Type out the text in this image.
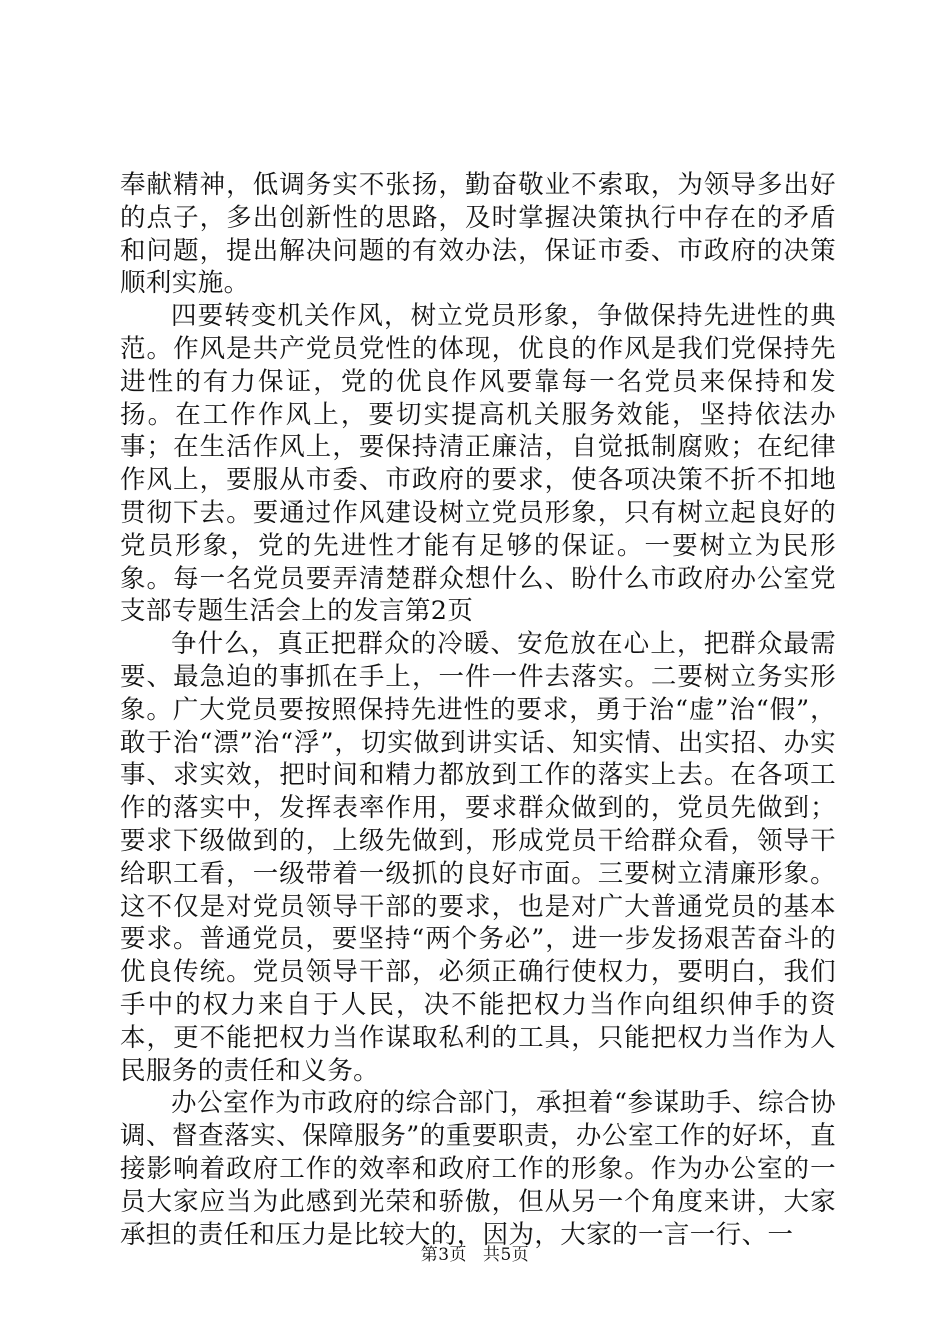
奉献精神，低调务实不张扬，勤奋敬业不索取，为领导多出好的点子，多出创新性的思路，及时掌握决策执行中存在的矛盾和问题，提出解决问题的有效办法，保证市委、市政府的决策顺利实施。

四要转变机关作风，树立党员形象，争做保持先进性的典范。作风是共产党员党性的体现，优良的作风是我们党保持先进性的有力保证，党的优良作风要靠每一名党员来保持和发扬。在工作作风上，要切实提高机关服务效能，坚持依法办事；在生活作风上，要保持清正廉洁，自觉抵制腐败；在纪律作风上，要服从市委、市政府的要求，使各项决策不折不扣地贯彻下去。要通过作风建设树立党员形象，只有树立起良好的党员形象，党的先进性才能有足够的保证。一要树立为民形象。每一名党员要弄清楚群众想什么、盼什么市政府办公室党支部专题生活会上的发言第2页

争什么，真正把群众的冷暖、安危放在心上，把群众最需要、最急迫的事抓在手上，一件一件去落实。二要树立务实形象。广大党员要按照保持先进性的要求，勇于治“虚”治“假”，敢于治“漂”治“浮”，切实做到讲实话、知实情、出实招、办实事、求实效，把时间和精力都放到工作的落实上去。在各项工作的落实中，发挥表率作用，要求群众做到的，党员先做到；要求下级做到的，上级先做到，形成党员干给群众看，领导干给职工看，一级带着一级抓的良好市面。三要树立清廉形象。这不仅是对党员领导干部的要求，也是对广大普通党员的基本要求。普通党员，要坚持“两个务必”，进一步发扬艰苦奋斗的优良传统。党员领导干部，必须正确行使权力，要明白，我们手中的权力来自于人民，决不能把权力当作向组织伸手的资本，更不能把权力当作谋取私利的工具，只能把权力当作为人民服务的责任和义务。

办公室作为市政府的综合部门，承担着“参谋助手、综合协调、督查落实、保障服务”的重要职责，办公室工作的好坏，直接影响着政府工作的效率和政府工作的形象。作为办公室的一员大家应当为此感到光荣和骄傲，但从另一个角度来讲，大家承担的责任和压力是比较大的，因为，大家的一言一行、一

第3页 共5页
